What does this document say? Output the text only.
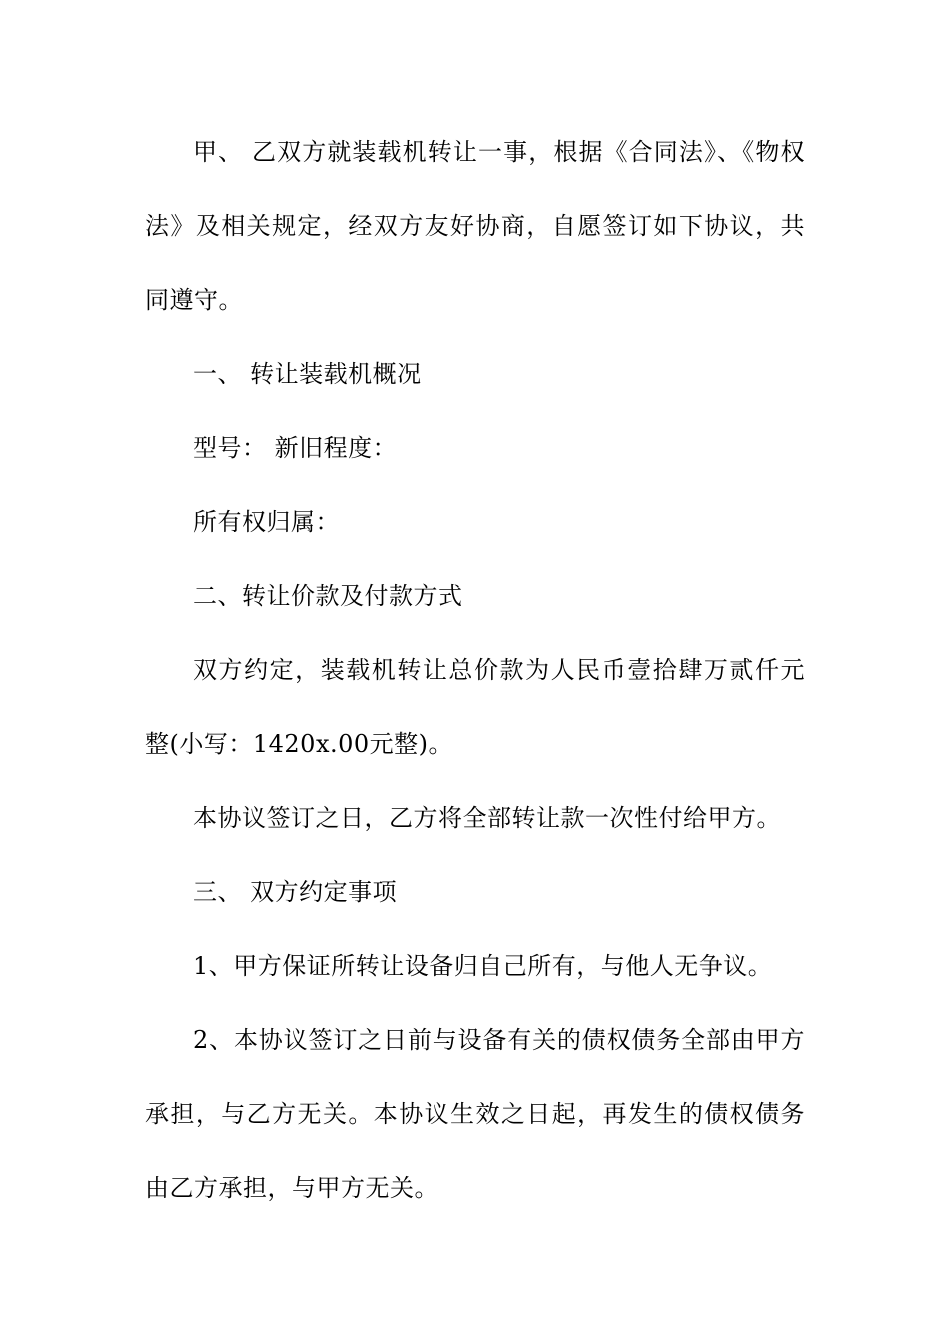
甲、 乙双方就装载机转让一事，根据《合同法》、《物权法》及相关规定，经双方友好协商，自愿签订如下协议，共同遵守。

一、 转让装载机概况

型号： 新旧程度：

所有权归属：

二、转让价款及付款方式

双方约定，装载机转让总价款为人民币壹拾肆万贰仟元整(小写：1420x.00元整)。

本协议签订之日，乙方将全部转让款一次性付给甲方。

三、 双方约定事项

1、甲方保证所转让设备归自己所有，与他人无争议。

2、本协议签订之日前与设备有关的债权债务全部由甲方承担，与乙方无关。本协议生效之日起，再发生的债权债务由乙方承担，与甲方无关。
